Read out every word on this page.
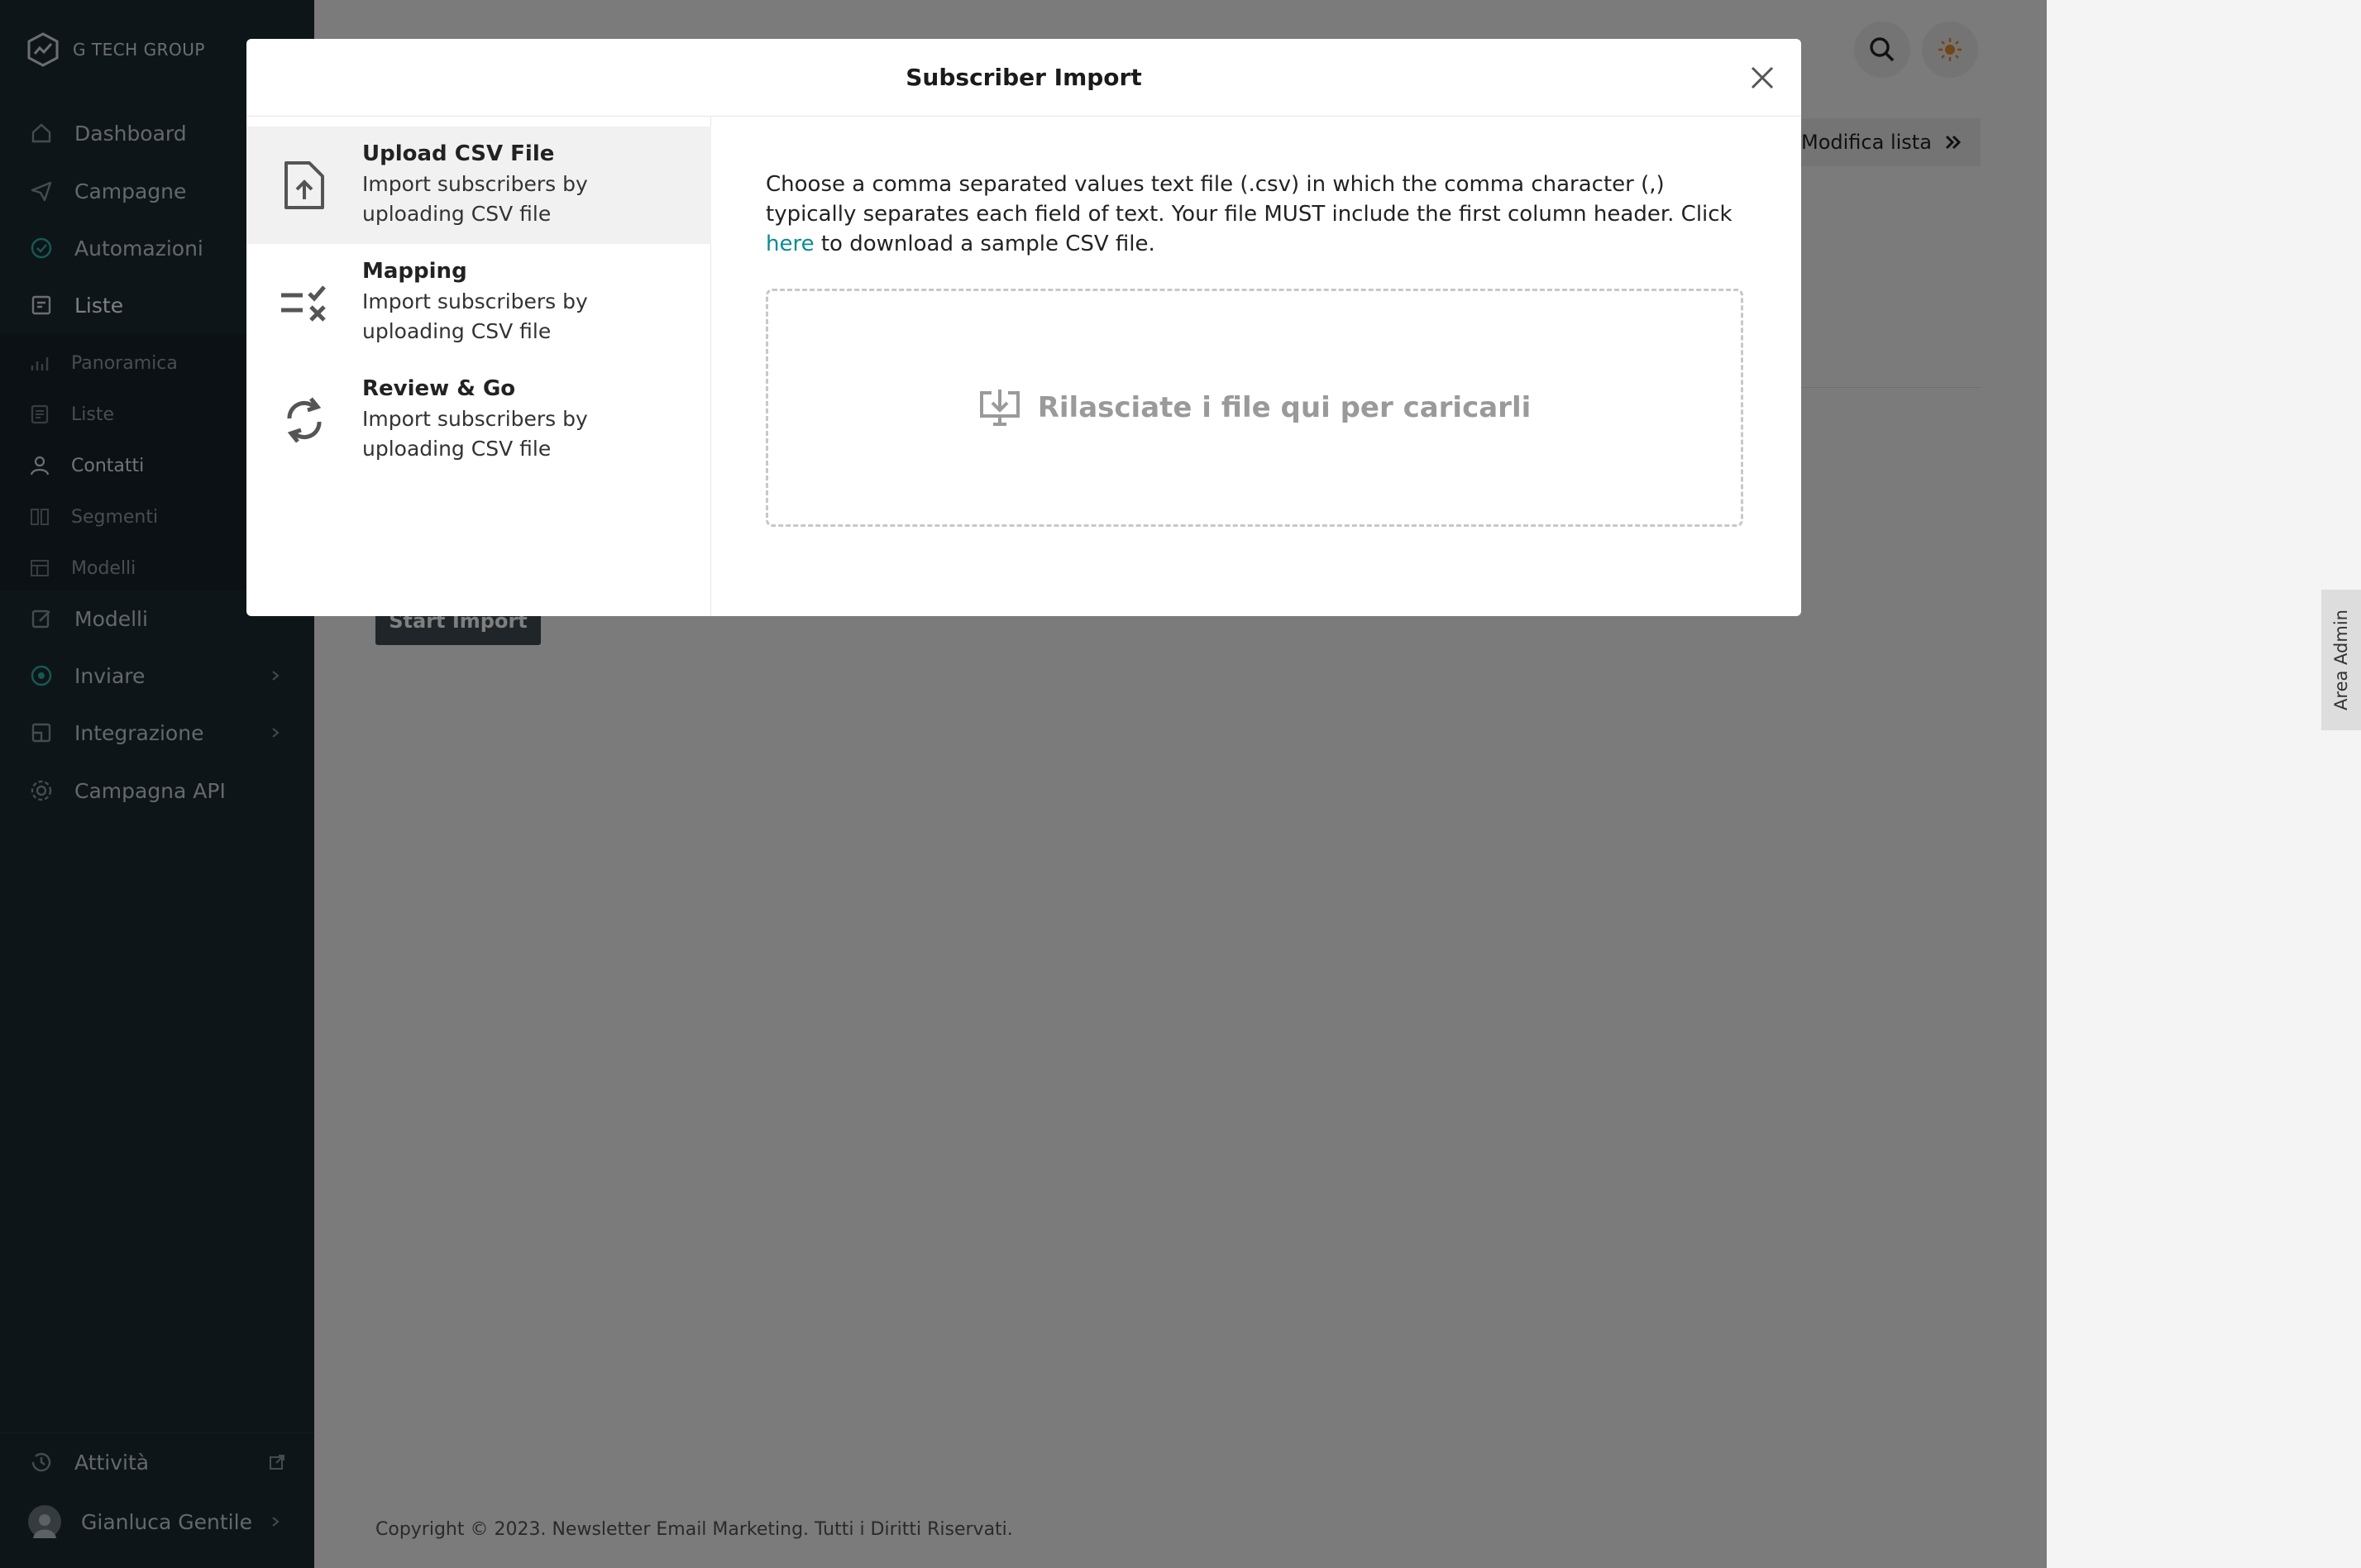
Area Admin
Subscriber Import
Upload CSV File
Import subscribers by uploading CSV file
Mapping
Import subscribers by uploading CSV file
Review & Go
Import subscribers by uploading CSV file

Choose a comma separated values text file (.csv) in which the comma character (,) typically separates each field of text. Your file MUST include the first column header. Click here to download a sample CSV file.

Rilasciate i file qui per caricarli
